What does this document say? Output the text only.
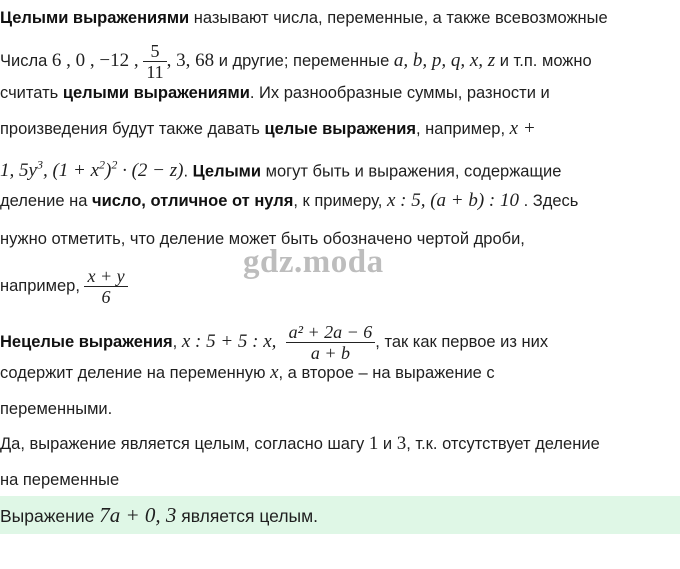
Целыми выражениями называют числа, переменные, а также всевозможные
Числа 6 , 0 , −12 , $\frac{5}{11}$ , 3, 68 и другие; переменные a, b, p, q, x, z и т.п. можно
считать целыми выражениями. Их разнообразные суммы, разности и
произведения будут также давать целые выражения, например, x +
1, $5y^3$, $(1 + x^2)^2 \cdot (2 - z)$. Целыми могут быть и выражения, содержащие
деление на число, отличное от нуля, к примеру, x : 5, (a + b) : 10 . Здесь
нужно отметить, что деление может быть обозначено чертой дроби,
например, $\frac{x + y}{6}$
gdz.moda
Нецелые выражения, x : 5 + 5 : x, $\frac{\text{a² + 2a − 6}}{a + b}$ , так как первое из них
содержит деление на переменную x, а второе – на выражение с
переменными.
Да, выражение является целым, согласно шагу 1 и 3, т.к. отсутствует деление
на переменные
Выражение 7a + 0, 3 является целым.
